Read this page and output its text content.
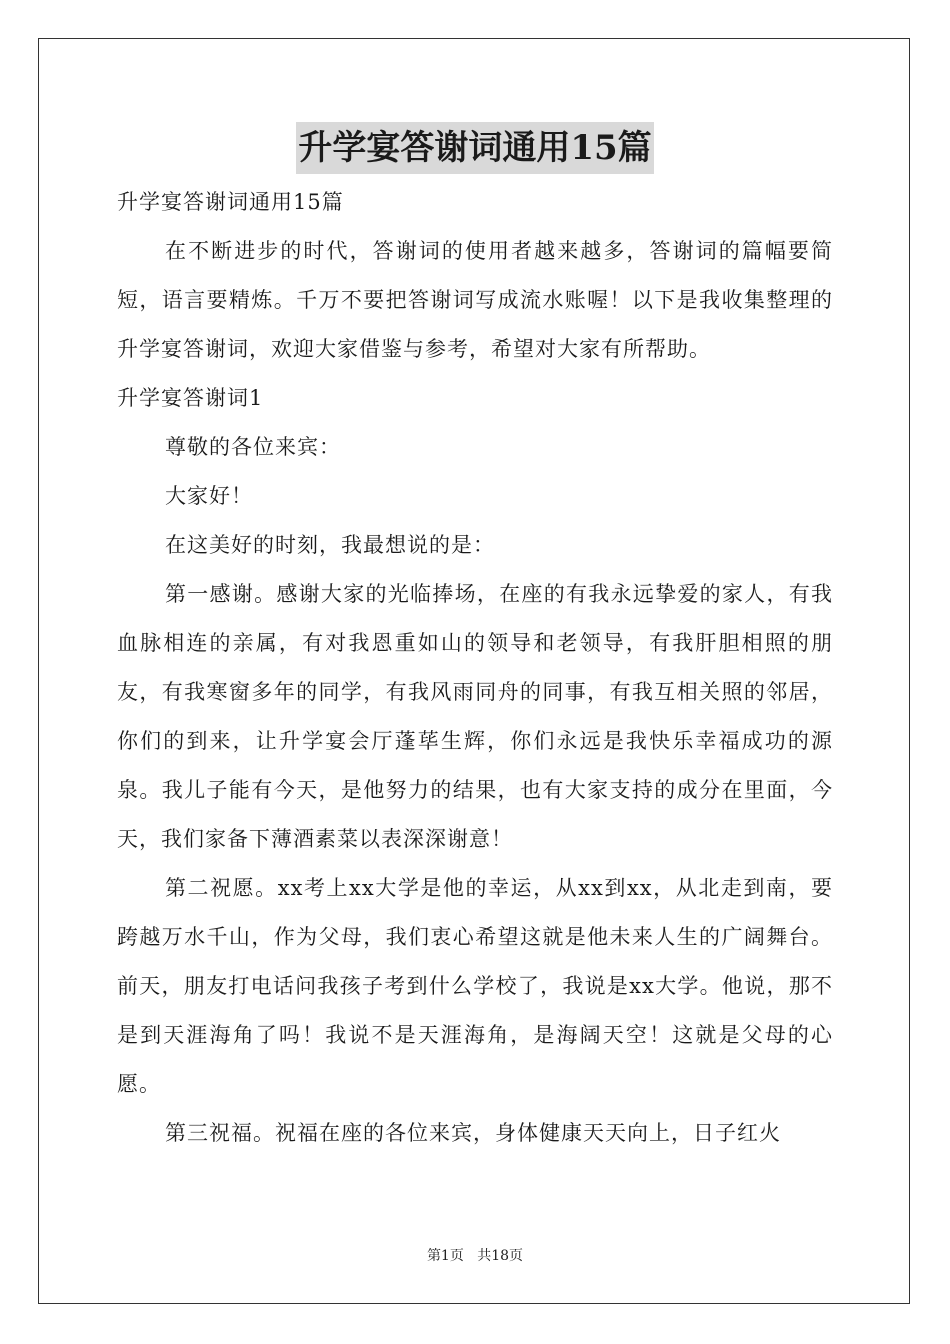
升学宴答谢词通用15篇

升学宴答谢词通用15篇

在不断进步的时代，答谢词的使用者越来越多，答谢词的篇幅要简短，语言要精炼。千万不要把答谢词写成流水账喔！以下是我收集整理的升学宴答谢词，欢迎大家借鉴与参考，希望对大家有所帮助。

升学宴答谢词1

尊敬的各位来宾：

大家好！

在这美好的时刻，我最想说的是：

第一感谢。感谢大家的光临捧场，在座的有我永远挚爱的家人，有我血脉相连的亲属，有对我恩重如山的领导和老领导，有我肝胆相照的朋友，有我寒窗多年的同学，有我风雨同舟的同事，有我互相关照的邻居，你们的到来，让升学宴会厅蓬荜生辉，你们永远是我快乐幸福成功的源泉。我儿子能有今天，是他努力的结果，也有大家支持的成分在里面，今天，我们家备下薄酒素菜以表深深谢意！

第二祝愿。xx考上xx大学是他的幸运，从xx到xx，从北走到南，要跨越万水千山，作为父母，我们衷心希望这就是他未来人生的广阔舞台。前天，朋友打电话问我孩子考到什么学校了，我说是xx大学。他说，那不是到天涯海角了吗！我说不是天涯海角，是海阔天空！这就是父母的心愿。

第三祝福。祝福在座的各位来宾，身体健康天天向上，日子红火

第1页 共18页
